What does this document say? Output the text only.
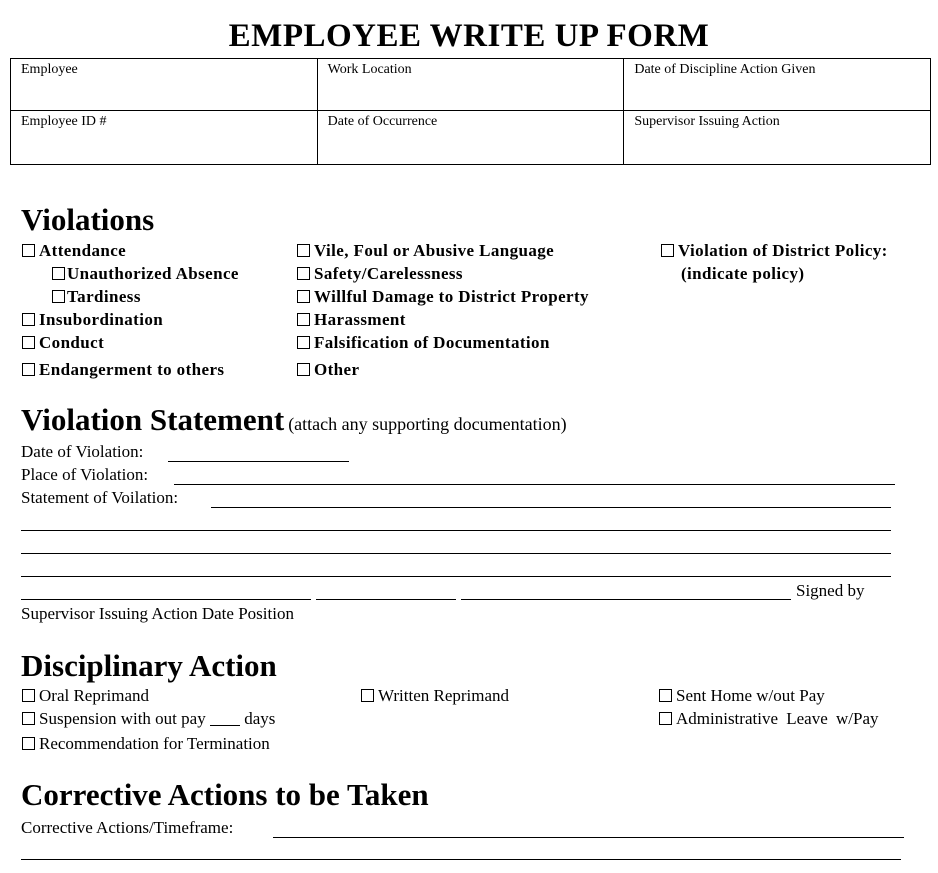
EMPLOYEE WRITE UP FORM
Employee	Work Location	Date of Discipline Action Given
Employee ID #	Date of Occurrence	Supervisor Issuing Action
Violations
Attendance
Unauthorized Absence
Tardiness
Insubordination
Conduct
Endangerment to others
Vile, Foul or Abusive Language
Safety/Carelessness
Willful Damage to District Property
Harassment
Falsification of Documentation
Other
Violation of District Policy:
(indicate policy)
Violation Statement (attach any supporting documentation)
Date of Violation:
Place of Violation:
Statement of Voilation:
Signed by
Supervisor Issuing Action Date Position
Disciplinary Action
Oral Reprimand	Written Reprimand	Sent Home w/out Pay
Suspension with out pay days	Administrative Leave w/Pay
Recommendation for Termination
Corrective Actions to be Taken
Corrective Actions/Timeframe:
